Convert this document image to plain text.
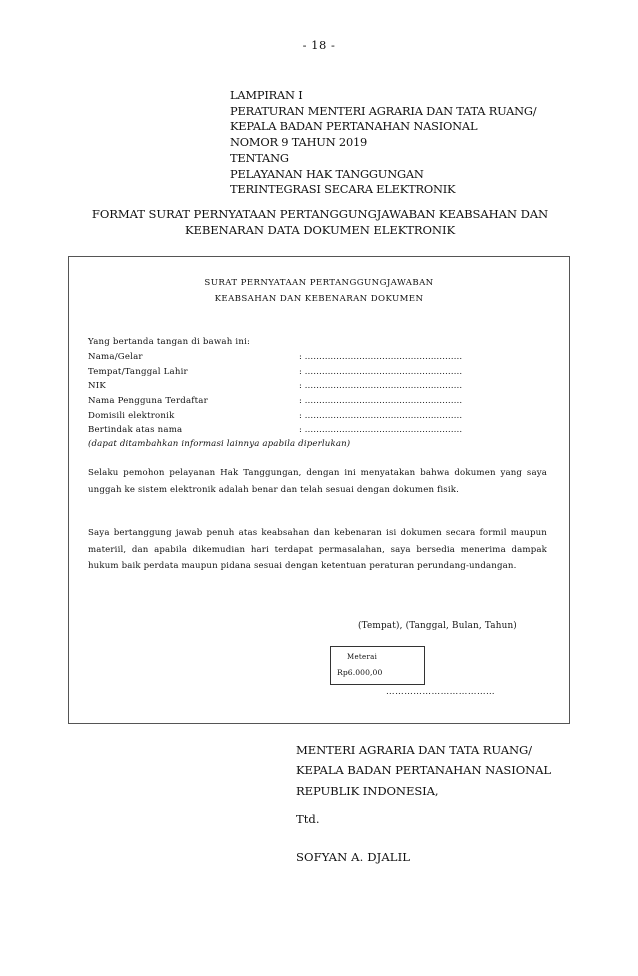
- 18 -
LAMPIRAN I
PERATURAN MENTERI AGRARIA DAN TATA RUANG/
KEPALA BADAN PERTANAHAN NASIONAL
NOMOR 9 TAHUN 2019
TENTANG
PELAYANAN HAK TANGGUNGAN
TERINTEGRASI SECARA ELEKTRONIK
FORMAT SURAT PERNYATAAN PERTANGGUNGJAWABAN KEABSAHAN DAN
KEBENARAN DATA DOKUMEN ELEKTRONIK
SURAT PERNYATAAN PERTANGGUNGJAWABAN
KEABSAHAN DAN KEBENARAN DOKUMEN
Yang bertanda tangan di bawah ini:
Nama/Gelar	: ……………………………………………….
Tempat/Tanggal Lahir	: ……………………………………………….
NIK	: ……………………………………………….
Nama Pengguna Terdaftar	: ……………………………………………….
Domisili elektronik	: ……………………………………………….
Bertindak atas nama	: ……………………………………………….
(dapat ditambahkan informasi lainnya apabila diperlukan)
Selaku pemohon pelayanan Hak Tanggungan, dengan ini menyatakan bahwa dokumen yang saya unggah ke sistem elektronik adalah benar dan telah sesuai dengan dokumen fisik.
Saya bertanggung jawab penuh atas keabsahan dan kebenaran isi dokumen secara formil maupun materiil, dan apabila dikemudian hari terdapat permasalahan, saya bersedia menerima dampak hukum baik perdata maupun pidana sesuai dengan ketentuan peraturan perundang-undangan.
(Tempat), (Tanggal, Bulan, Tahun)
Meterai
Rp6.000,00
………………………………
MENTERI AGRARIA DAN TATA RUANG/
KEPALA BADAN PERTANAHAN NASIONAL
REPUBLIK INDONESIA,
Ttd.
SOFYAN A. DJALIL
